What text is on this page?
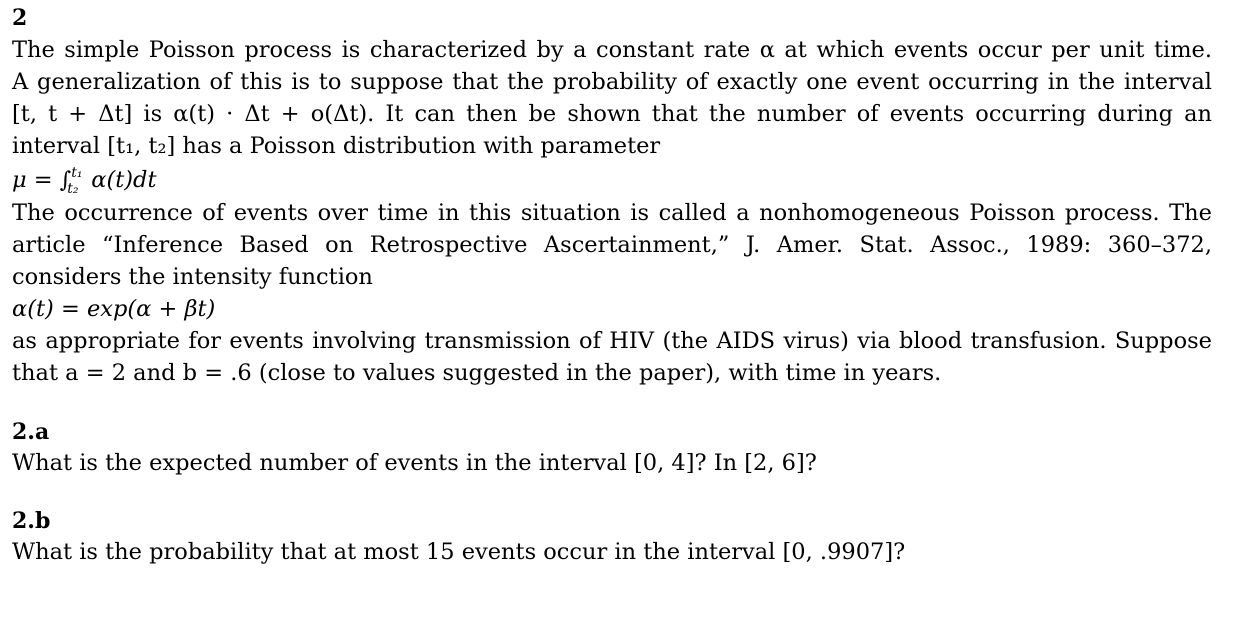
2
The simple Poisson process is characterized by a constant rate α at which events occur per unit time.
A generalization of this is to suppose that the probability of exactly one event occurring in the interval
[t, t + Δt] is α(t) · Δt + o(Δt). It can then be shown that the number of events occurring during an
interval [t₁, t₂] has a Poisson distribution with parameter
μ = ∫ t₁
t₂ α(t)dt
The occurrence of events over time in this situation is called a nonhomogeneous Poisson process. The
article “Inference Based on Retrospective Ascertainment,” J. Amer. Stat. Assoc., 1989: 360–372,
considers the intensity function
α(t) = exp(α + βt)
as appropriate for events involving transmission of HIV (the AIDS virus) via blood transfusion. Suppose
that a = 2 and b = .6 (close to values suggested in the paper), with time in years.
2.a
What is the expected number of events in the interval [0, 4]? In [2, 6]?
2.b
What is the probability that at most 15 events occur in the interval [0, .9907]?
